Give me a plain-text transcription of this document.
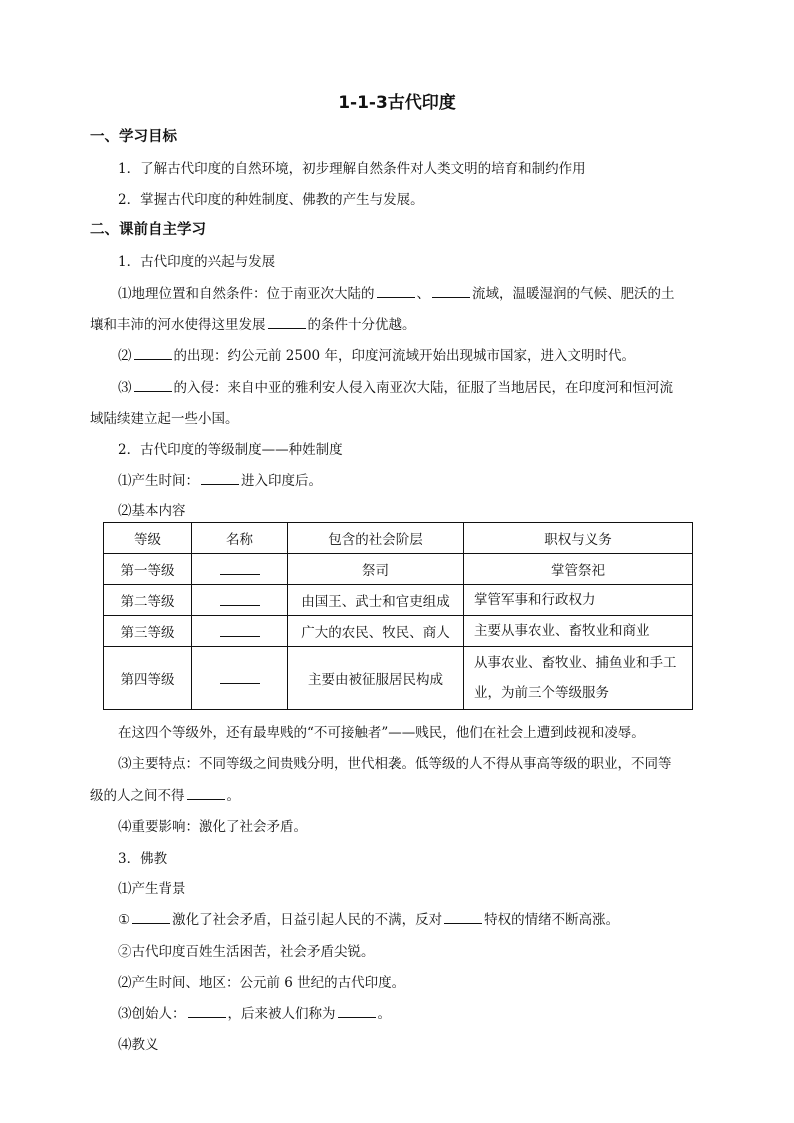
1-1-3古代印度
一、学习目标
1．了解古代印度的自然环境，初步理解自然条件对人类文明的培育和制约作用
2．掌握古代印度的种姓制度、佛教的产生与发展。
二、课前自主学习
1．古代印度的兴起与发展
⑴地理位置和自然条件：位于南亚次大陆的	、	流域，温暖湿润的气候、肥沃的土
壤和丰沛的河水使得这里发展	的条件十分优越。
⑵	的出现：约公元前 2500 年，印度河流域开始出现城市国家，进入文明时代。
⑶	的入侵：来自中亚的雅利安人侵入南亚次大陆，征服了当地居民，在印度河和恒河流
域陆续建立起一些小国。
2．古代印度的等级制度——种姓制度
⑴产生时间：	进入印度后。
⑵基本内容
等级	名称	包含的社会阶层	职权与义务
第一等级		祭司	掌管祭祀
第二等级		由国王、武士和官吏组成	掌管军事和行政权力
第三等级		广大的农民、牧民、商人	主要从事农业、畜牧业和商业
第四等级		主要由被征服居民构成	从事农业、畜牧业、捕鱼业和手工
业，为前三个等级服务
在这四个等级外，还有最卑贱的“不可接触者”——贱民，他们在社会上遭到歧视和凌辱。
⑶主要特点：不同等级之间贵贱分明，世代相袭。低等级的人不得从事高等级的职业，不同等
级的人之间不得	。
⑷重要影响：激化了社会矛盾。
3．佛教
⑴产生背景
①	激化了社会矛盾，日益引起人民的不满，反对	特权的情绪不断高涨。
②古代印度百姓生活困苦，社会矛盾尖锐。
⑵产生时间、地区：公元前 6 世纪的古代印度。
⑶创始人：	，后来被人们称为	。
⑷教义
